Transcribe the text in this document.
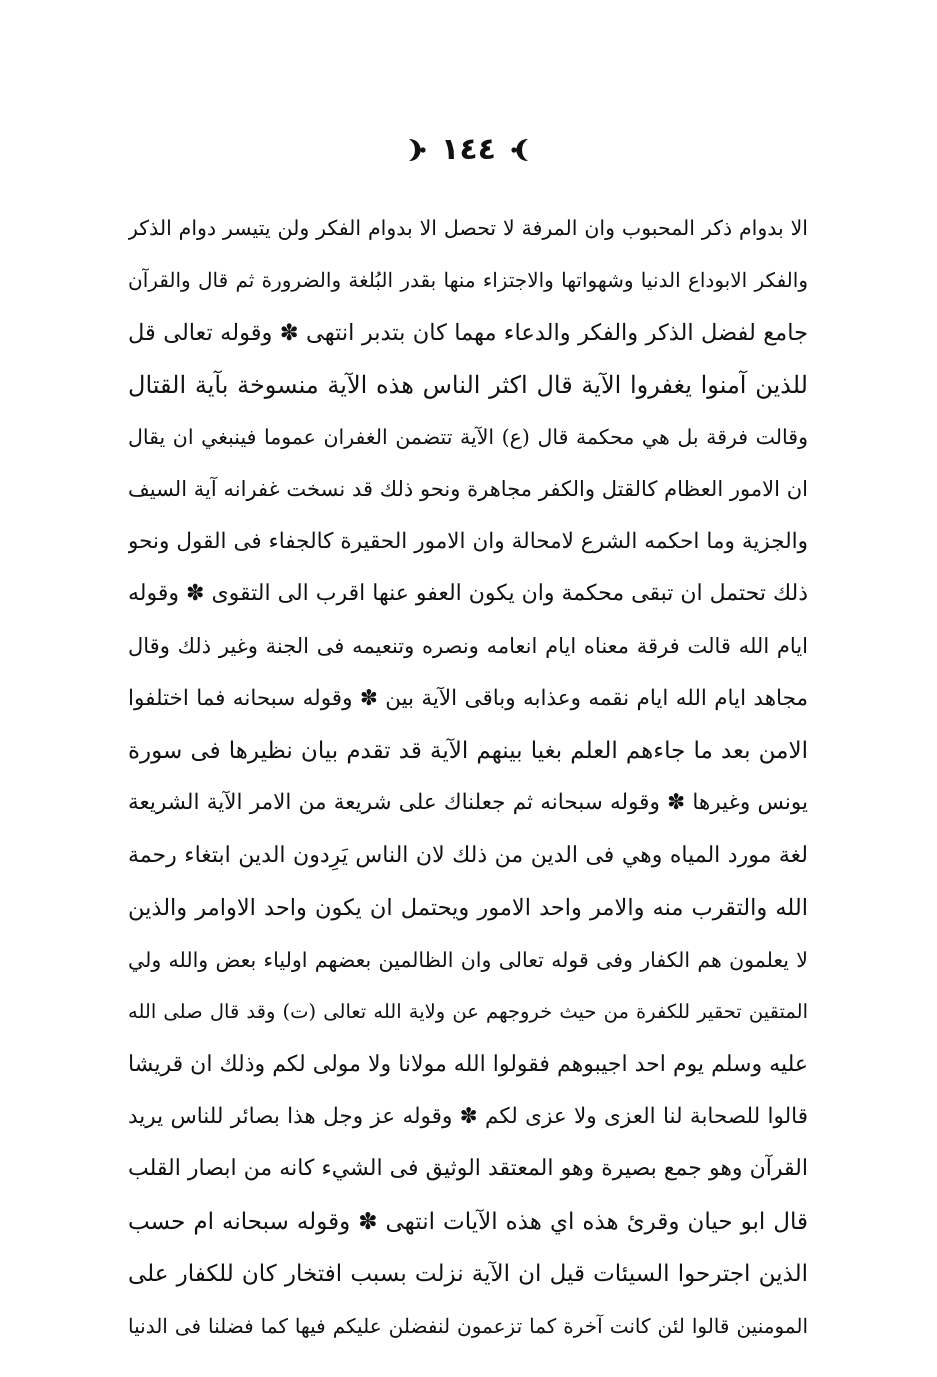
١٤٤
الا بدوام ذكر المحبوب وان المرفة لا تحصل الا بدوام الفكر ولن يتيسر دوام الذكر
والفكر الابوداع الدنيا وشهواتها والاجتزاء منها بقدر البُلغة والضرورة ثم قال والقرآن
جامع لفضل الذكر والفكر والدعاء مهما كان بتدبر انتهى ✽ وقوله تعالى قل
للذين آمنوا يغفروا الآية قال اكثر الناس هذه الآية منسوخة بآية القتال
وقالت فرقة بل هي محكمة قال (ع) الآية تتضمن الغفران عموما فينبغي ان يقال
ان الامور العظام كالقتل والكفر مجاهرة ونحو ذلك قد نسخت غفرانه آية السيف
والجزية وما احكمه الشرع لامحالة وان الامور الحقيرة كالجفاء فى القول ونحو
ذلك تحتمل ان تبقى محكمة وان يكون العفو عنها اقرب الى التقوى ✽ وقوله
ايام الله قالت فرقة معناه ايام انعامه ونصره وتنعيمه فى الجنة وغير ذلك وقال
مجاهد ايام الله ايام نقمه وعذابه وباقى الآية بين ✽ وقوله سبحانه فما اختلفوا
الامن بعد ما جاءهم العلم بغيا بينهم الآية قد تقدم بيان نظيرها فى سورة
يونس وغيرها ✽ وقوله سبحانه ثم جعلناك على شريعة من الامر الآية الشريعة
لغة مورد المياه وهي فى الدين من ذلك لان الناس يَرِدون الدين ابتغاء رحمة
الله والتقرب منه والامر واحد الامور ويحتمل ان يكون واحد الاوامر والذين
لا يعلمون هم الكفار وفى قوله تعالى وان الظالمين بعضهم اولياء بعض والله ولي
المتقين تحقير للكفرة من حيث خروجهم عن ولاية الله تعالى (ت) وقد قال صلى الله
عليه وسلم يوم احد اجيبوهم فقولوا الله مولانا ولا مولى لكم وذلك ان قريشا
قالوا للصحابة لنا العزى ولا عزى لكم ✽ وقوله عز وجل هذا بصائر للناس يريد
القرآن وهو جمع بصيرة وهو المعتقد الوثيق فى الشيء كانه من ابصار القلب
قال ابو حيان وقرئ هذه اي هذه الآيات انتهى ✽ وقوله سبحانه ام حسب
الذين اجترحوا السيئات قيل ان الآية نزلت بسبب افتخار كان للكفار على
المومنين قالوا لئن كانت آخرة كما تزعمون لنفضلن عليكم فيها كما فضلنا فى الدنيا
